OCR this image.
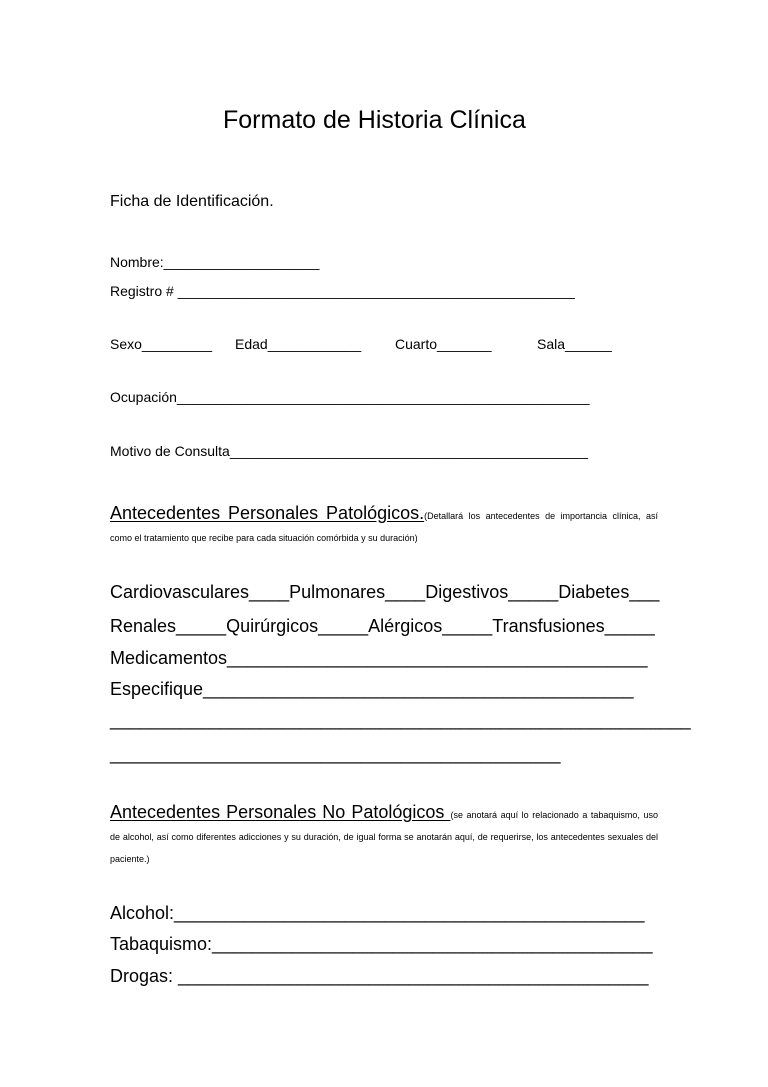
Formato de Historia Clínica
Ficha de Identificación.
Nombre:____________________
Registro # ___________________________________________________
Sexo_________ Edad____________ Cuarto_______	Sala______
Ocupación_____________________________________________________
Motivo de Consulta______________________________________________
Antecedentes Personales Patológicos.(Detallará los antecedentes de importancia clínica, así como el tratamiento que recibe para cada situación comórbida y su duración)
Cardiovasculares____Pulmonares____Digestivos_____Diabetes___
Renales_____Quirúrgicos_____Alérgicos_____Transfusiones_____
Medicamentos__________________________________________
Especifique___________________________________________
__________________________________________________________
_____________________________________________
Antecedentes Personales No Patológicos (se anotará aquí lo relacionado a tabaquismo, uso de alcohol, así como diferentes adicciones y su duración, de igual forma se anotarán aquí, de requerirse, los antecedentes sexuales del paciente.)
Alcohol:_______________________________________________
Tabaquismo:____________________________________________
Drogas: _______________________________________________
